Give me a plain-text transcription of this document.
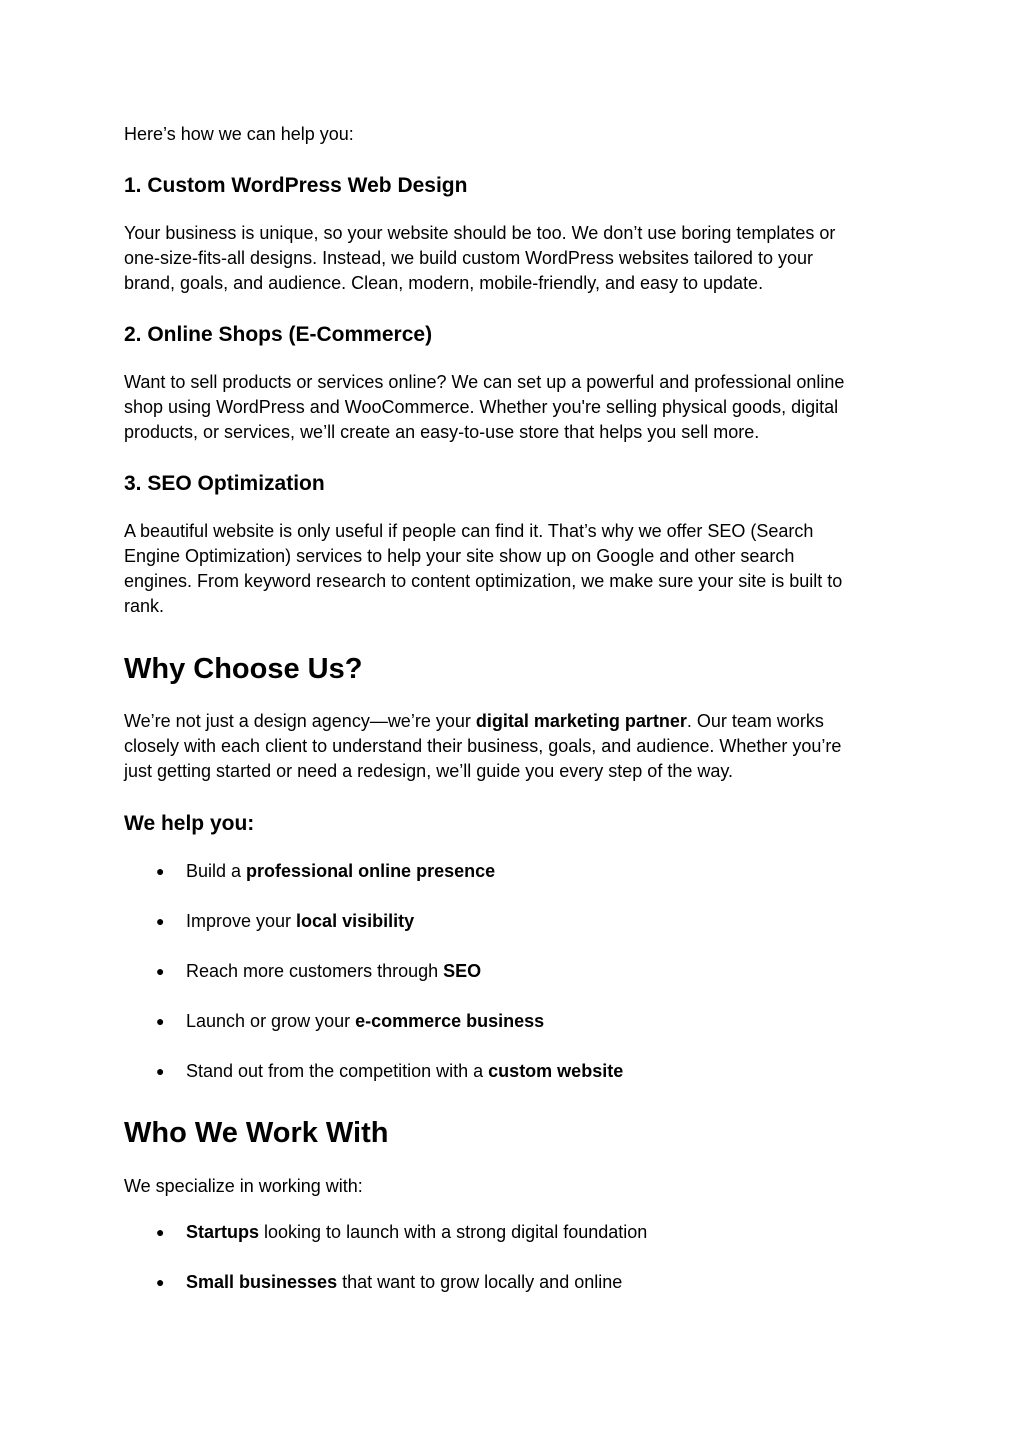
Here’s how we can help you:

1. Custom WordPress Web Design
Your business is unique, so your website should be too. We don’t use boring templates or
one-size-fits-all designs. Instead, we build custom WordPress websites tailored to your
brand, goals, and audience. Clean, modern, mobile-friendly, and easy to update.
2. Online Shops (E-Commerce)
Want to sell products or services online? We can set up a powerful and professional online
shop using WordPress and WooCommerce. Whether you're selling physical goods, digital
products, or services, we’ll create an easy-to-use store that helps you sell more.
3. SEO Optimization
A beautiful website is only useful if people can find it. That’s why we offer SEO (Search
Engine Optimization) services to help your site show up on Google and other search
engines. From keyword research to content optimization, we make sure your site is built to
rank.
Why Choose Us?
We’re not just a design agency—we’re your digital marketing partner. Our team works
closely with each client to understand their business, goals, and audience. Whether you’re
just getting started or need a redesign, we’ll guide you every step of the way.
We help you:
● Build a professional online presence
● Improve your local visibility
● Reach more customers through SEO
● Launch or grow your e-commerce business
● Stand out from the competition with a custom website
Who We Work With

We specialize in working with:

● Startups looking to launch with a strong digital foundation
● Small businesses that want to grow locally and online
